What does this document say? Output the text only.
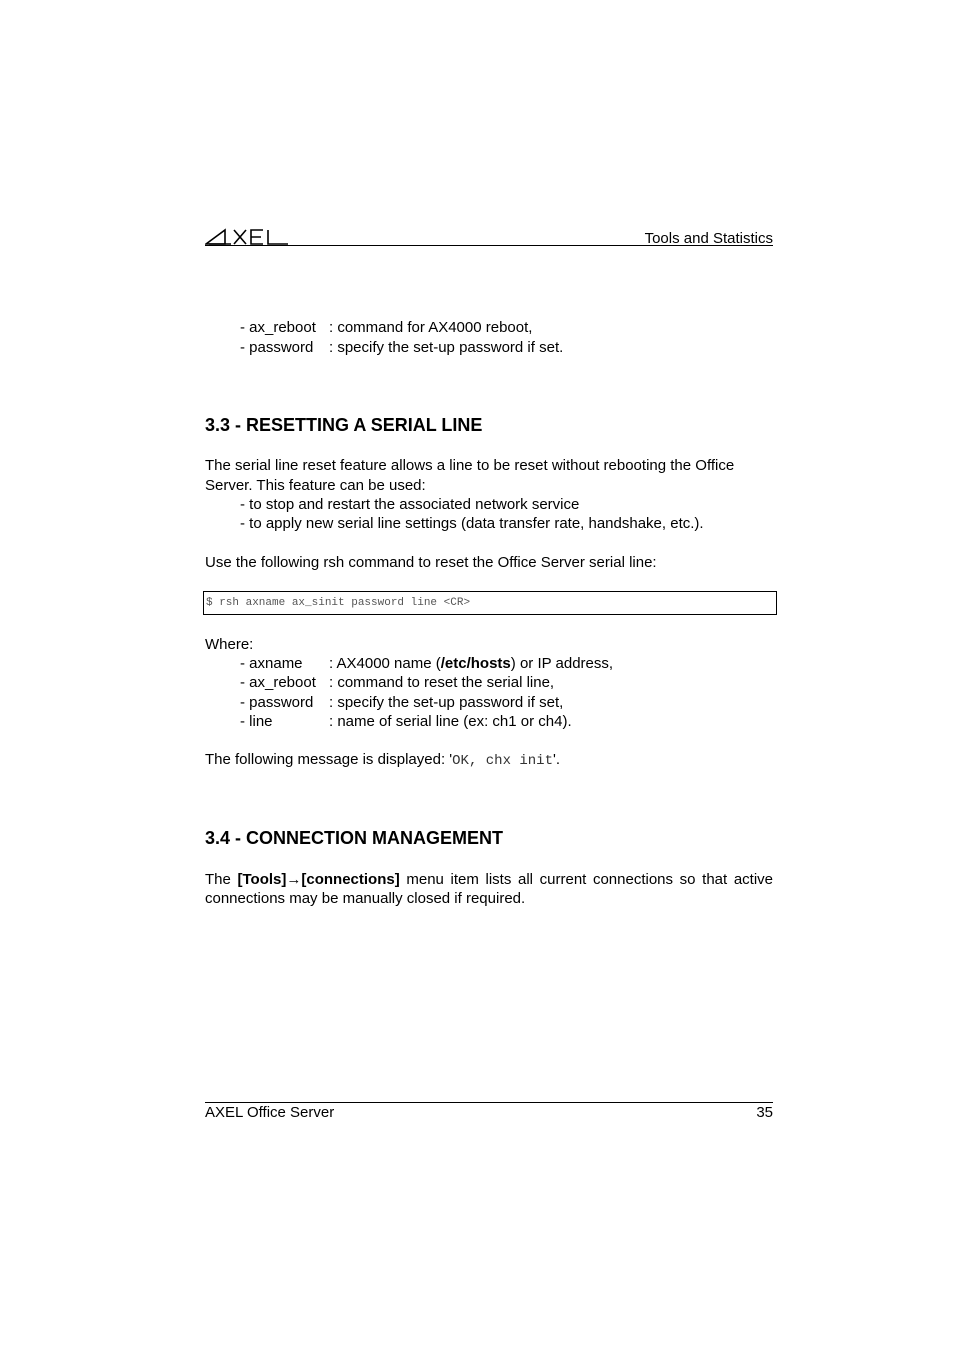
Tools and Statistics
- ax_reboot : command for AX4000 reboot,
- password : specify the set-up password if set.
3.3 - RESETTING A SERIAL LINE
The serial line reset feature allows a line to be reset without rebooting the Office
Server. This feature can be used:
- to stop and restart the associated network service
- to apply new serial line settings (data transfer rate, handshake, etc.).
Use the following rsh command to reset the Office Server serial line:
$ rsh axname ax_sinit password line <CR>
Where:
- axname : AX4000 name (/etc/hosts) or IP address,
- ax_reboot : command to reset the serial line,
- password : specify the set-up password if set,
- line	: name of serial line (ex: ch1 or ch4).
The following message is displayed: 'OK, chx init'.
3.4 - CONNECTION MANAGEMENT
The [Tools]→[connections] menu item lists all current connections so that active connections may be manually closed if required.
AXEL Office Server	35
